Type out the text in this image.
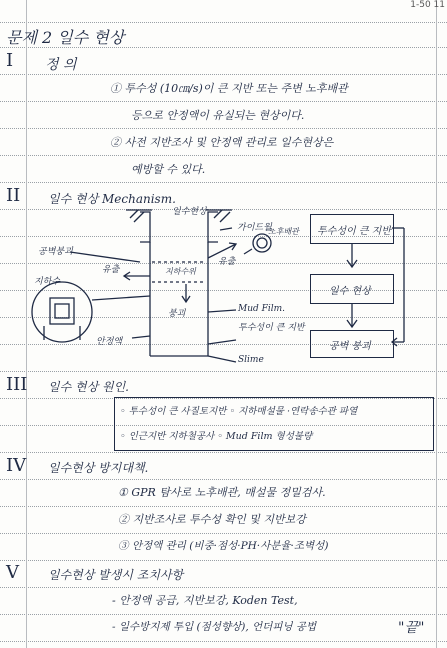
1-50 11
문제 2 일수 현상
I 정 의
① 투수성 (10㎝/s)이 큰 지반 또는 주변 노후배관
등으로 안정액이 유실되는 현상이다.
② 사전 지반조사 및 안정액 관리로 일수현상은
예방할 수 있다.
II 일수 현상 Mechanism.
일수현상
가이드월.
노후배관
공벽붕괴
지하수
유출
유출
지하수위
붕괴	Mud Film.
투수성이 큰 지반
안정액
Slime
투수성이 큰 지반
일수 현상
공벽 붕괴
III 일수 현상 원인.
◦ 투수성이 큰 사질토지반 ◦ 지하매설물 ·연락송수관 파열
◦ 인근지반 지하철공사 ◦ Mud Film 형성불량
IV 일수현상 방지대책.
① GPR 탐사로 노후배관, 매설물 정밀검사.
② 지반조사로 투수성 확인 및 지반보강
③ 안정액 관리 (비중·점성·PH·사분율·조벽성)
V 일수현상 발생시 조치사항
- 안정액 공급, 지반보강, Koden Test,
- 일수방지제 투입 (점성향상), 언더피닝 공법	"끝"
